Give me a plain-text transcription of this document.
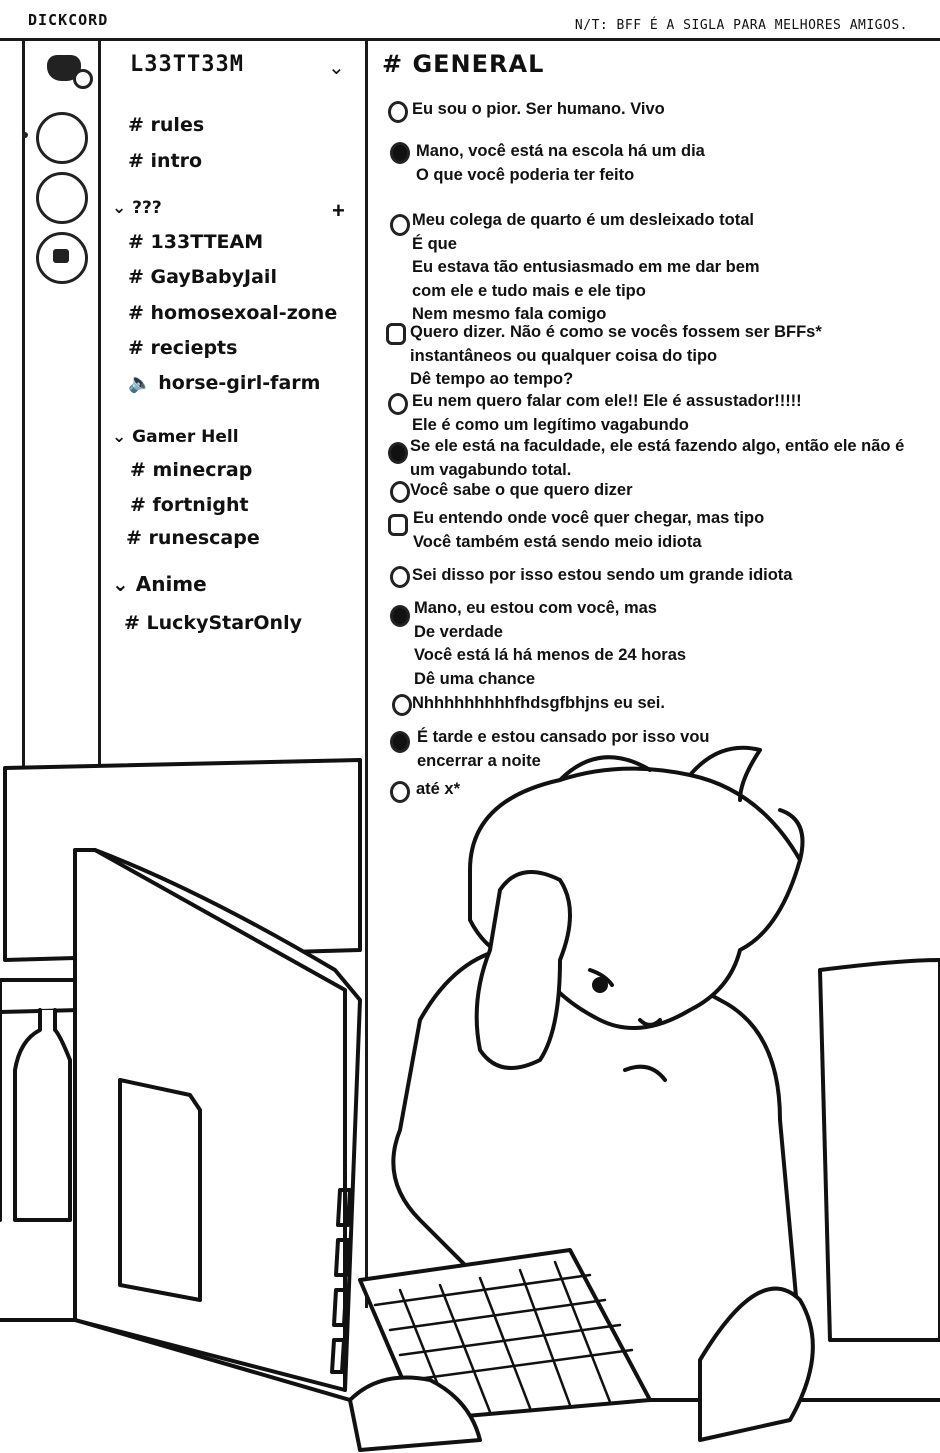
DICKCORD	N/T: BFF É A SIGLA PARA MELHORES AMIGOS.
L33TT33M	⌄
# rules
# intro
⌄ ???	+
# 133TTEAM
# GayBabyJail
# homosexoal-zone
# reciepts
🔈 horse-girl-farm
⌄ Gamer Hell
# minecrap
# fortnight
# runescape
⌄ Anime
# LuckyStarOnly
# GENERAL
Eu sou o pior. Ser humano. Vivo
Mano, você está na escola há um dia
O que você poderia ter feito
Meu colega de quarto é um desleixado total
É que
Eu estava tão entusiasmado em me dar bem
com ele e tudo mais e ele tipo
Nem mesmo fala comigo
Quero dizer. Não é como se vocês fossem ser BFFs*
instantâneos ou qualquer coisa do tipo
Dê tempo ao tempo?
Eu nem quero falar com ele!! Ele é assustador!!!!!
Ele é como um legítimo vagabundo
Se ele está na faculdade, ele está fazendo algo, então ele não é
um vagabundo total.
Você sabe o que quero dizer
Eu entendo onde você quer chegar, mas tipo
Você também está sendo meio idiota
Sei disso por isso estou sendo um grande idiota
Mano, eu estou com você, mas
De verdade
Você está lá há menos de 24 horas
Dê uma chance
Nhhhhhhhhhfhdsgfbhjns eu sei.
É tarde e estou cansado por isso vou
encerrar a noite
até x*
